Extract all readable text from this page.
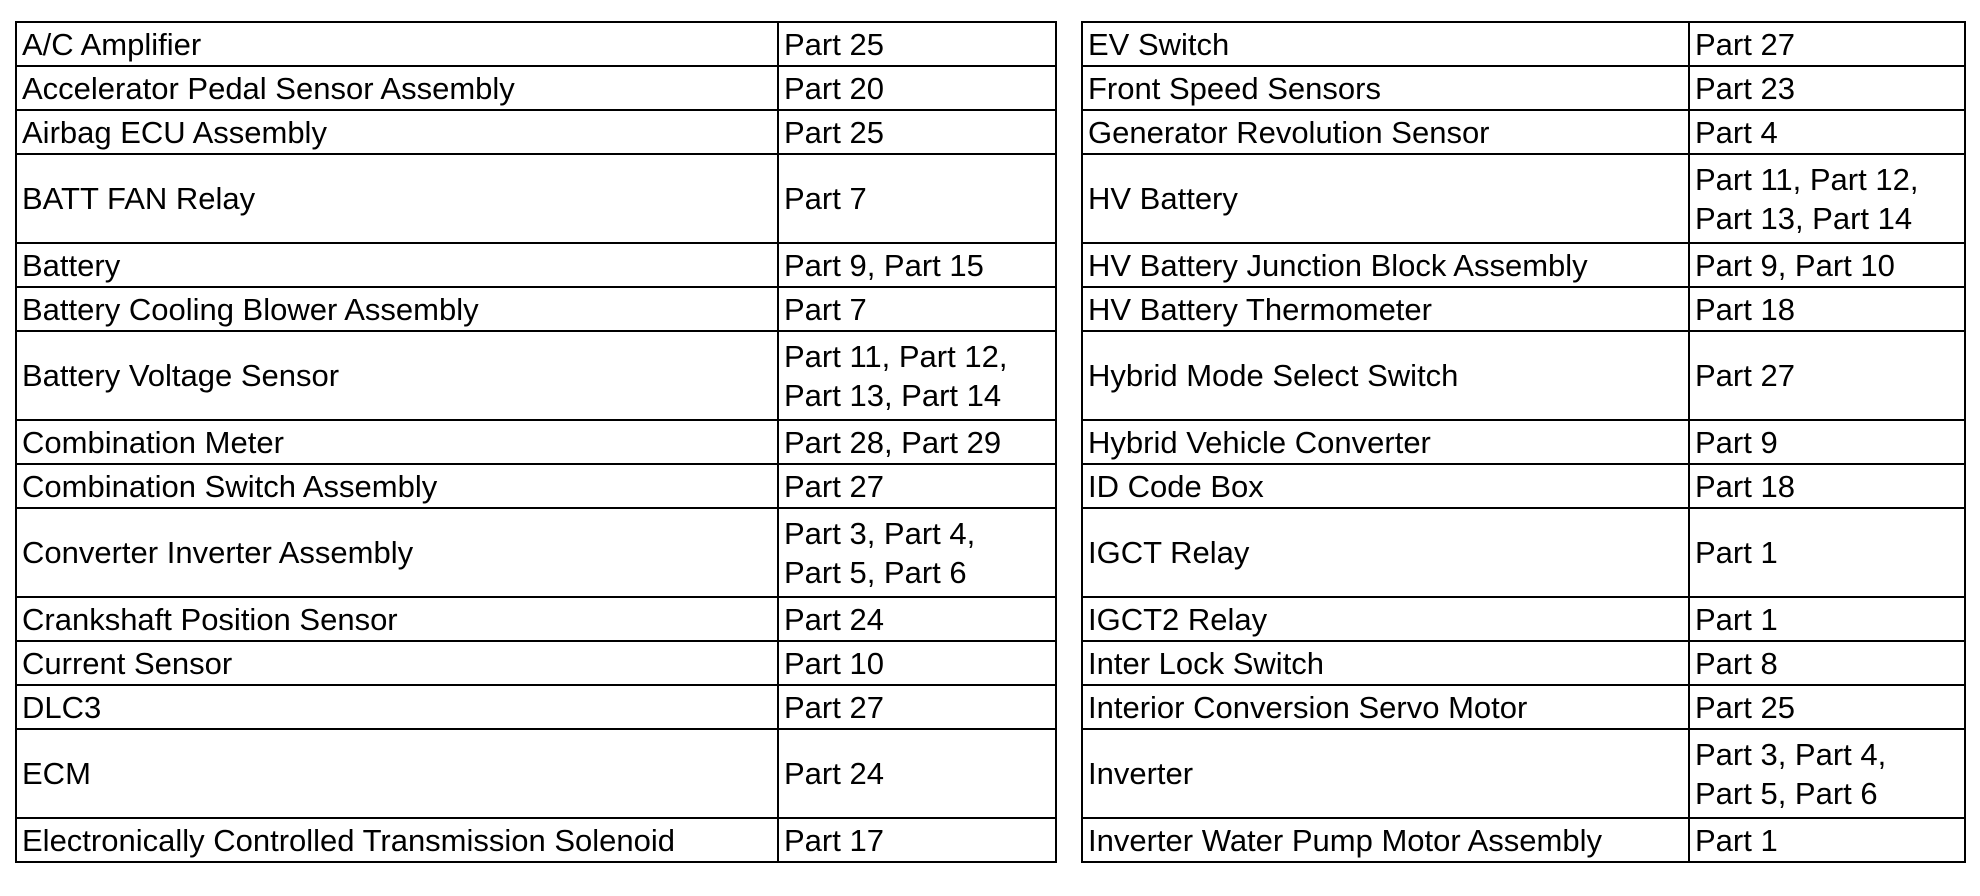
A/C Amplifier	Part 25

Accelerator Pedal Sensor Assembly	Part 20

Airbag ECU Assembly	Part 25

BATT FAN Relay	Part 7

Battery	Part 9, Part 15

Battery Cooling Blower Assembly	Part 7

Battery Voltage Sensor	Part 11, Part 12,
Part 13, Part 14

Combination Meter	Part 28, Part 29

Combination Switch Assembly	Part 27

Converter Inverter Assembly	Part 3, Part 4,
Part 5, Part 6

Crankshaft Position Sensor	Part 24

Current Sensor	Part 10

DLC3	Part 27

ECM	Part 24

Electronically Controlled Transmission Solenoid	Part 17
EV Switch	Part 27

Front Speed Sensors	Part 23

Generator Revolution Sensor	Part 4

HV Battery	Part 11, Part 12,
Part 13, Part 14

HV Battery Junction Block Assembly	Part 9, Part 10

HV Battery Thermometer	Part 18

Hybrid Mode Select Switch	Part 27

Hybrid Vehicle Converter	Part 9

ID Code Box	Part 18

IGCT Relay	Part 1

IGCT2 Relay	Part 1

Inter Lock Switch	Part 8

Interior Conversion Servo Motor	Part 25

Inverter	Part 3, Part 4,
Part 5, Part 6

Inverter Water Pump Motor Assembly	Part 1
